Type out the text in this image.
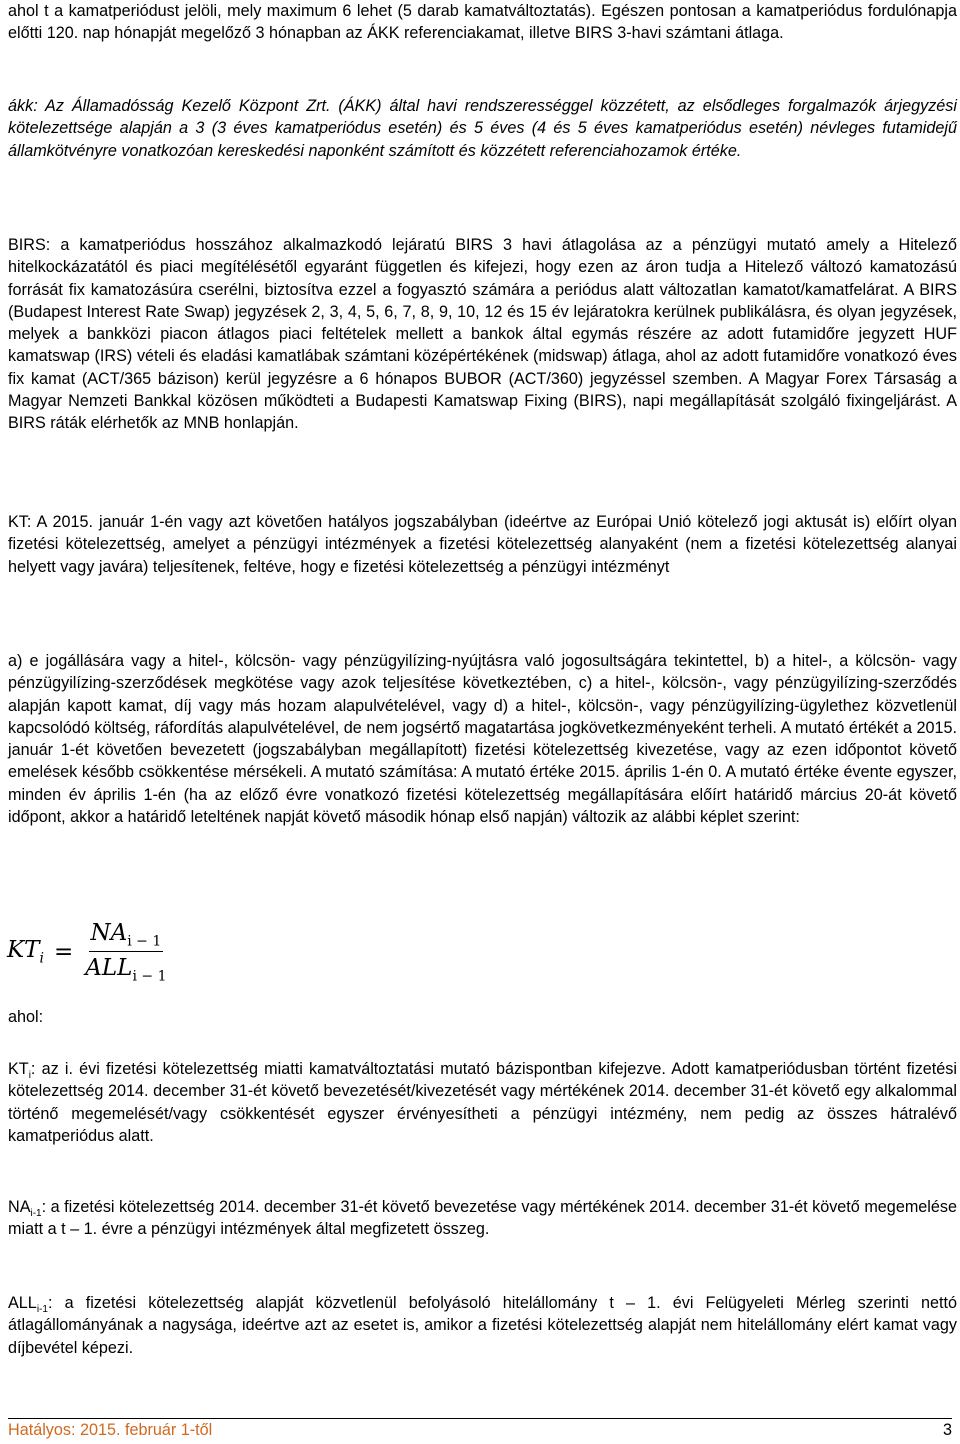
ahol t a kamatperiódust jelöli, mely maximum 6 lehet (5 darab kamatváltoztatás). Egészen pontosan a kamatperiódus fordulónapja előtti 120. nap hónapját megelőző 3 hónapban az ÁKK referenciakamat, illetve BIRS 3-havi számtani átlaga.

ákk: Az Államadósság Kezelő Központ Zrt. (ÁKK) által havi rendszerességgel közzétett, az elsődleges forgalmazók árjegyzési kötelezettsége alapján a 3 (3 éves kamatperiódus esetén) és 5 éves (4 és 5 éves kamatperiódus esetén) névleges futamidejű államkötvényre vonatkozóan kereskedési naponként számított és közzétett referenciahozamok értéke.

BIRS: a kamatperiódus hosszához alkalmazkodó lejáratú BIRS 3 havi átlagolása az a pénzügyi mutató amely a Hitelező hitelkockázatától és piaci megítélésétől egyaránt független és kifejezi, hogy ezen az áron tudja a Hitelező változó kamatozású forrását fix kamatozásúra cserélni, biztosítva ezzel a fogyasztó számára a periódus alatt változatlan kamatot/kamatfelárat. A BIRS (Budapest Interest Rate Swap) jegyzések 2, 3, 4, 5, 6, 7, 8, 9, 10, 12 és 15 év lejáratokra kerülnek publikálásra, és olyan jegyzések, melyek a bankközi piacon átlagos piaci feltételek mellett a bankok által egymás részére az adott futamidőre jegyzett HUF kamatswap (IRS) vételi és eladási kamatlábak számtani középértékének (midswap) átlaga, ahol az adott futamidőre vonatkozó éves fix kamat (ACT/365 bázison) kerül jegyzésre a 6 hónapos BUBOR (ACT/360) jegyzéssel szemben. A Magyar Forex Társaság a Magyar Nemzeti Bankkal közösen működteti a Budapesti Kamatswap Fixing (BIRS), napi megállapítását szolgáló fixingeljárást. A BIRS ráták elérhetők az MNB honlapján.

KT: A 2015. január 1-én vagy azt követően hatályos jogszabályban (ideértve az Európai Unió kötelező jogi aktusát is) előírt olyan fizetési kötelezettség, amelyet a pénzügyi intézmények a fizetési kötelezettség alanyaként (nem a fizetési kötelezettség alanyai helyett vagy javára) teljesítenek, feltéve, hogy e fizetési kötelezettség a pénzügyi intézményt

a) e jogállására vagy a hitel-, kölcsön- vagy pénzügyilízing-nyújtásra való jogosultságára tekintettel, b) a hitel-, a kölcsön- vagy pénzügyilízing-szerződések megkötése vagy azok teljesítése következtében, c) a hitel-, kölcsön-, vagy pénzügyilízing-szerződés alapján kapott kamat, díj vagy más hozam alapulvételével, vagy d) a hitel-, kölcsön-, vagy pénzügyilízing-ügylethez közvetlenül kapcsolódó költség, ráfordítás alapulvételével, de nem jogsértő magatartása jogkövetkezményeként terheli. A mutató értékét a 2015. január 1-ét követően bevezetett (jogszabályban megállapított) fizetési kötelezettség kivezetése, vagy az ezen időpontot követő emelések később csökkentése mérsékeli. A mutató számítása: A mutató értéke 2015. április 1-én 0. A mutató értéke évente egyszer, minden év április 1-én (ha az előző évre vonatkozó fizetési kötelezettség megállapítására előírt határidő március 20-át követő időpont, akkor a határidő leteltének napját követő második hónap első napján) változik az alábbi képlet szerint:

$KT_i = \frac{NA_{i - 1}}{ALL_{i - 1}}$

ahol:

$KT_i$: az i. évi fizetési kötelezettség miatti kamatváltoztatási mutató bázispontban kifejezve. Adott kamatperiódusban történt fizetési kötelezettség 2014. december 31-ét követő bevezetését/kivezetését vagy mértékének 2014. december 31-ét követő egy alkalommal történő megemelését/vagy csökkentését egyszer érvényesítheti a pénzügyi intézmény, nem pedig az összes hátralévő kamatperiódus alatt.

$NA_{i-1}$: a fizetési kötelezettség 2014. december 31-ét követő bevezetése vagy mértékének 2014. december 31-ét követő megemelése miatt a t – 1. évre a pénzügyi intézmények által megfizetett összeg.

$ALL_{i-1}$: a fizetési kötelezettség alapját közvetlenül befolyásoló hitelállomány t – 1. évi Felügyeleti Mérleg szerinti nettó átlagállományának a nagysága, ideértve azt az esetet is, amikor a fizetési kötelezettség alapját nem hitelállomány elért kamat vagy díjbevétel képezi.

Hatályos: 2015. február 1-től	3
